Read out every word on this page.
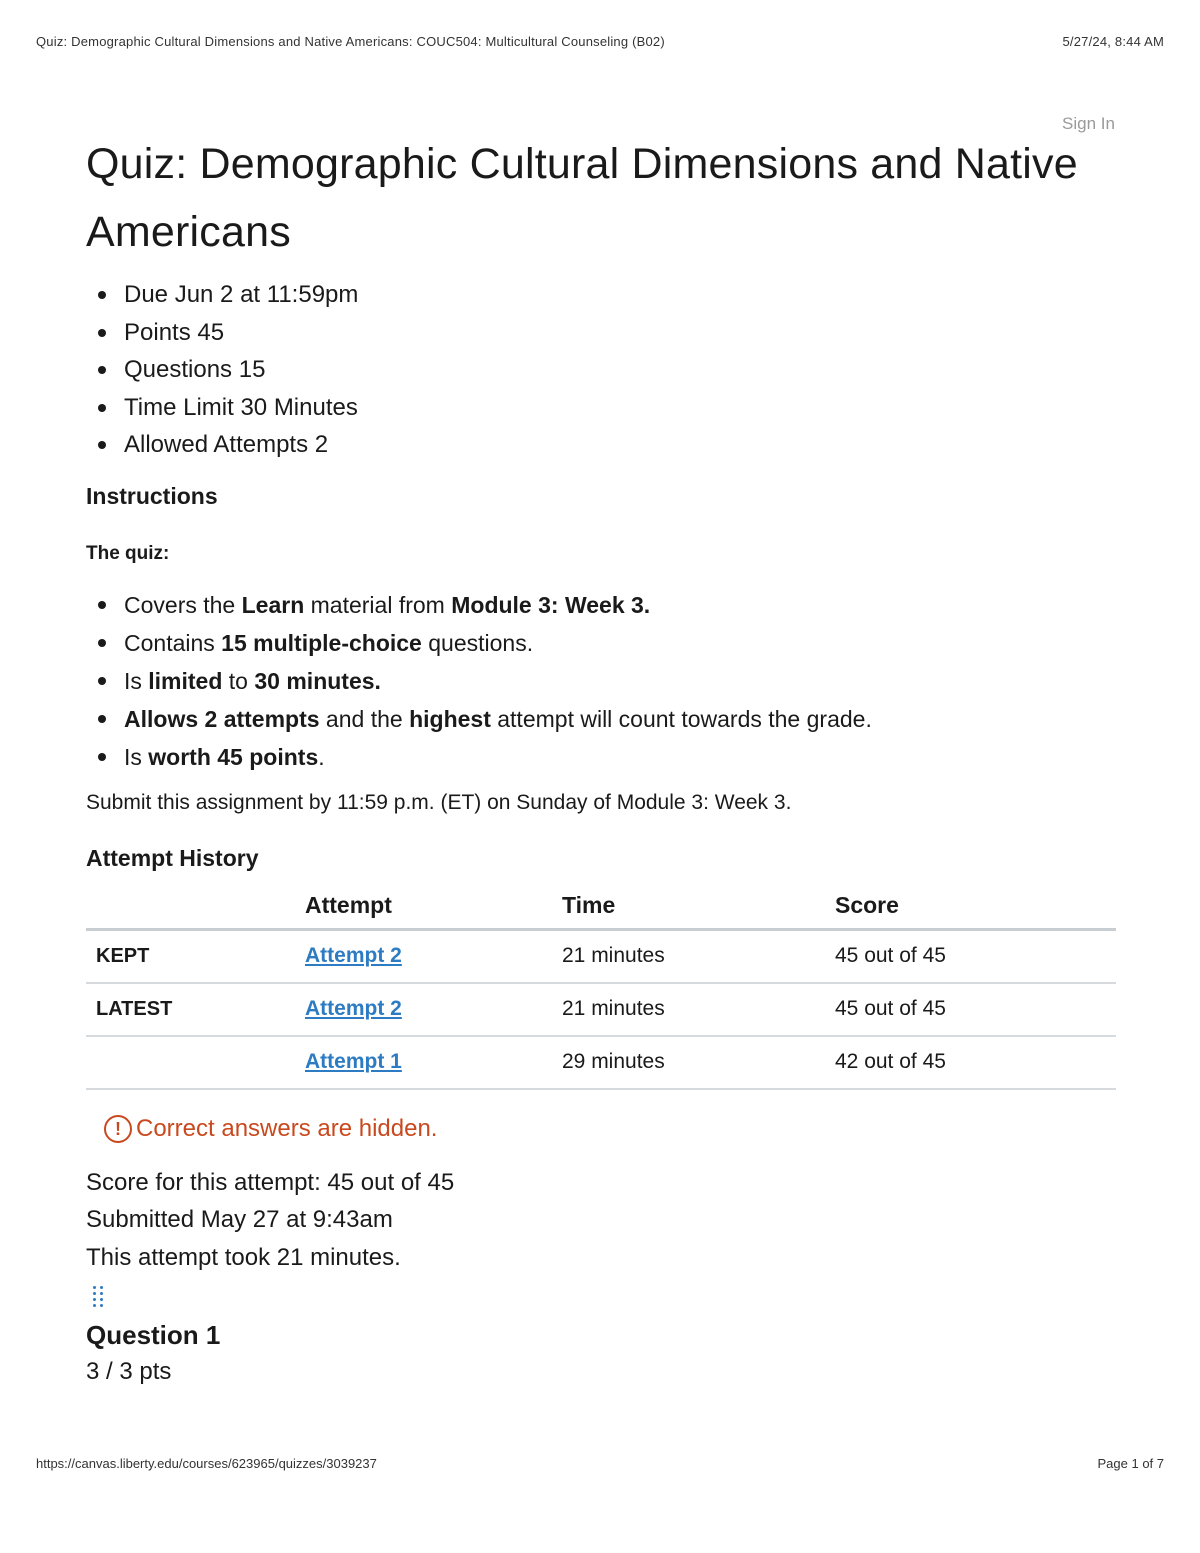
Quiz: Demographic Cultural Dimensions and Native Americans: COUC504: Multicultural Counseling (B02)	5/27/24, 8:44 AM
Sign In
Quiz: Demographic Cultural Dimensions and Native Americans
Due Jun 2 at 11:59pm
Points 45
Questions 15
Time Limit 30 Minutes
Allowed Attempts 2
Instructions
The quiz:
Covers the Learn material from Module 3: Week 3.
Contains 15 multiple-choice questions.
Is limited to 30 minutes.
Allows 2 attempts and the highest attempt will count towards the grade.
Is worth 45 points.
Submit this assignment by 11:59 p.m. (ET) on Sunday of Module 3: Week 3.
Attempt History
	Attempt	Time	Score
KEPT	Attempt 2	21 minutes	45 out of 45
LATEST	Attempt 2	21 minutes	45 out of 45
	Attempt 1	29 minutes	42 out of 45
! Correct answers are hidden.
Score for this attempt: 45 out of 45
Submitted May 27 at 9:43am
This attempt took 21 minutes.
Question 1
3 / 3 pts
https://canvas.liberty.edu/courses/623965/quizzes/3039237	Page 1 of 7
